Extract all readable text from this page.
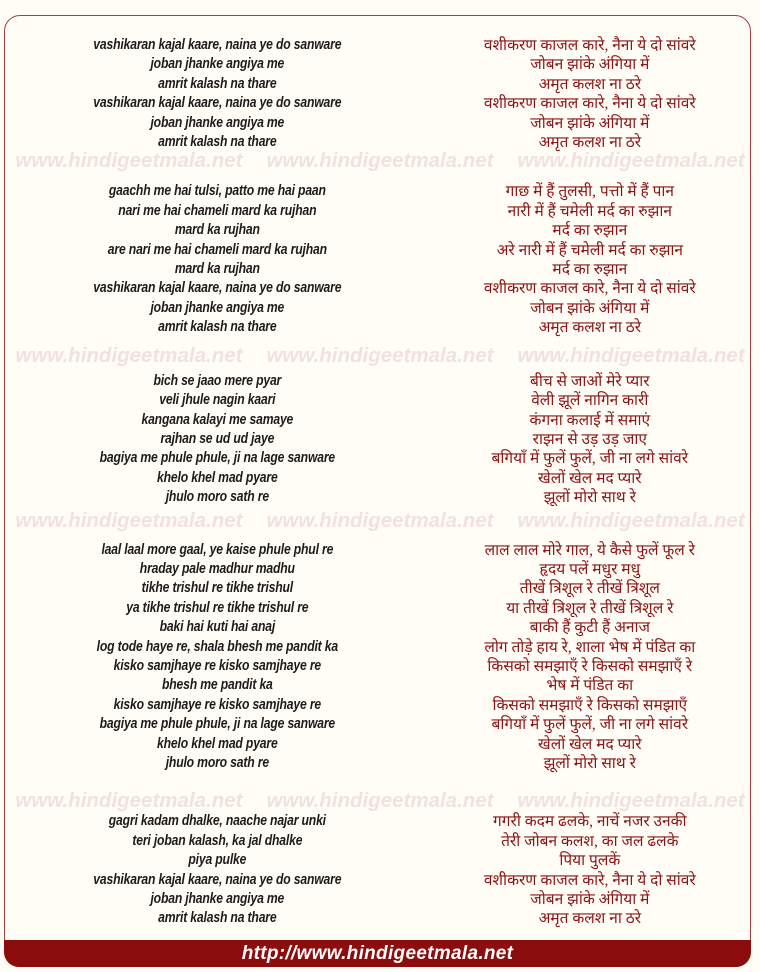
www.hindigeetmala.net www.hindigeetmala.net www.hindigeetmala.net
www.hindigeetmala.net www.hindigeetmala.net www.hindigeetmala.net
www.hindigeetmala.net www.hindigeetmala.net www.hindigeetmala.net
www.hindigeetmala.net www.hindigeetmala.net www.hindigeetmala.net
vashikaran kajal kaare, naina ye do sanware
joban jhanke angiya me
amrit kalash na thare
vashikaran kajal kaare, naina ye do sanware
joban jhanke angiya me
amrit kalash na thare
वशीकरण काजल कारे, नैना ये दो सांवरे
जोबन झांके अंगिया में
अमृत कलश ना ठरे
वशीकरण काजल कारे, नैना ये दो सांवरे
जोबन झांके अंगिया में
अमृत कलश ना ठरे
gaachh me hai tulsi, patto me hai paan
nari me hai chameli mard ka rujhan
mard ka rujhan
are nari me hai chameli mard ka rujhan
mard ka rujhan
vashikaran kajal kaare, naina ye do sanware
joban jhanke angiya me
amrit kalash na thare
गाछ में हैं तुलसी, पत्तो में हैं पान
नारी में हैं चमेली मर्द का रुझान
मर्द का रुझान
अरे नारी में हैं चमेली मर्द का रुझान
मर्द का रुझान
वशीकरण काजल कारे, नैना ये दो सांवरे
जोबन झांके अंगिया में
अमृत कलश ना ठरे
bich se jaao mere pyar
veli jhule nagin kaari
kangana kalayi me samaye
rajhan se ud ud jaye
bagiya me phule phule, ji na lage sanware
khelo khel mad pyare
jhulo moro sath re
बीच से जाओं मेरे प्यार
वेली झूलें नागिन कारी
कंगना कलाई में समाएं
राझन से उड़ उड़ जाए
बगियाँ में फुलें फुलें, जी ना लगे सांवरे
खेलों खेल मद प्यारे
झूलों मोरो साथ रे
laal laal more gaal, ye kaise phule phul re
hraday pale madhur madhu
tikhe trishul re tikhe trishul
ya tikhe trishul re tikhe trishul re
baki hai kuti hai anaj
log tode haye re, shala bhesh me pandit ka
kisko samjhaye re kisko samjhaye re
bhesh me pandit ka
kisko samjhaye re kisko samjhaye re
bagiya me phule phule, ji na lage sanware
khelo khel mad pyare
jhulo moro sath re
लाल लाल मोरे गाल, ये कैसे फुलें फूल रे
हृदय पलें मधुर मधु
तीखें त्रिशूल रे तीखें त्रिशूल
या तीखें त्रिशूल रे तीखें त्रिशूल रे
बाकी हैं कुटी हैं अनाज
लोग तोड़े हाय रे, शाला भेष में पंडित का
किसको समझाएँ रे किसको समझाएँ रे
भेष में पंडित का
किसको समझाएँ रे किसको समझाएँ
बगियाँ में फुलें फुलें, जी ना लगे सांवरे
खेलों खेल मद प्यारे
झूलों मोरो साथ रे
gagri kadam dhalke, naache najar unki
teri joban kalash, ka jal dhalke
piya pulke
vashikaran kajal kaare, naina ye do sanware
joban jhanke angiya me
amrit kalash na thare
गगरी कदम ढलके, नाचें नजर उनकी
तेरी जोबन कलश, का जल ढलके
पिया पुलकें
वशीकरण काजल कारे, नैना ये दो सांवरे
जोबन झांके अंगिया में
अमृत कलश ना ठरे
http://www.hindigeetmala.net
